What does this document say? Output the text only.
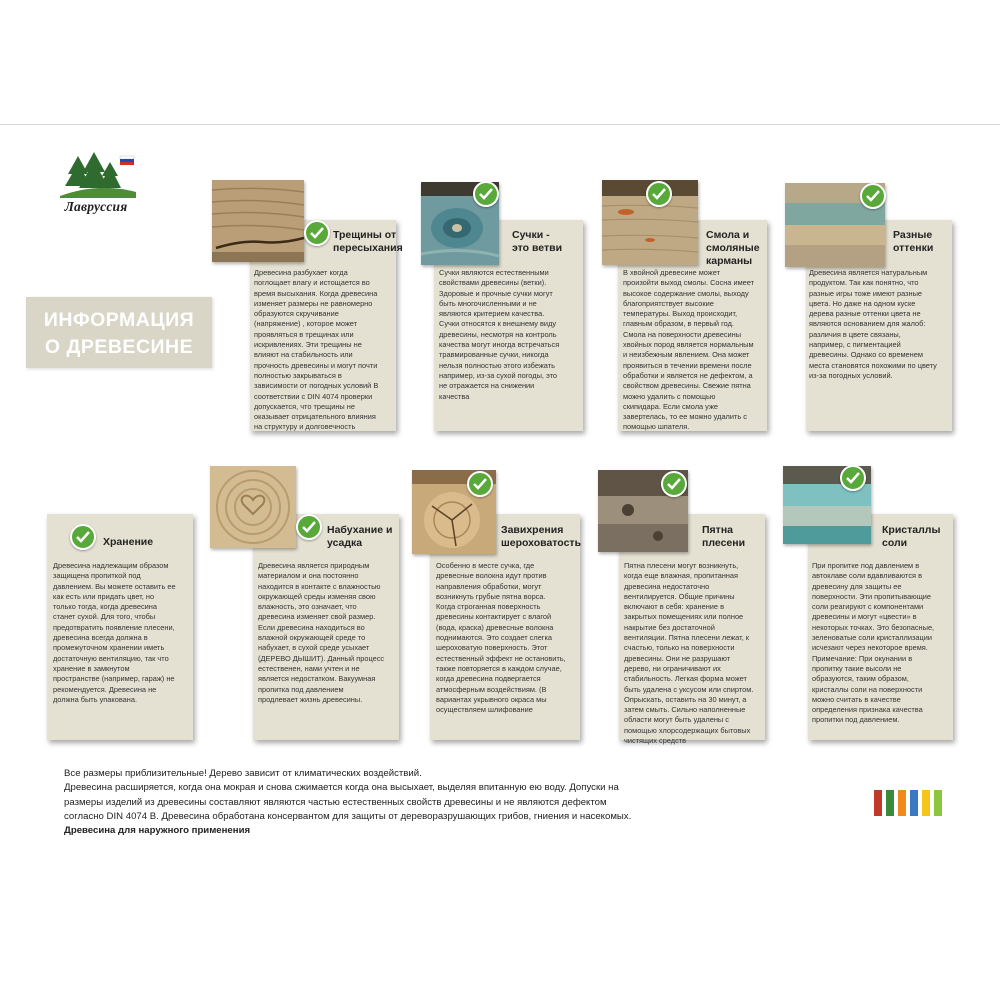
Лавруссия
ИНФОРМАЦИЯ
О ДРЕВЕСИНЕ
Трещины от
пересыхания
Древесина разбухает когда
поглощает влагу и истощается во
время высыхания. Когда древесина
изменяет размеры не равномерно
образуются скручивание
(напряжение) , которое может
проявляться в трещинах или
искривлениях. Эти трещины не
влияют на стабильность или
прочность древесины и могут почти
полностью закрываться в
зависимости от погодных условий В
соответствии с DIN 4074 проверки
допускается, что трещины не
оказывает отрицательного влияния
на структуру и долговечность
Сучки -
это ветви
Сучки являются естественными
свойствами древесины (ветки).
Здоровые и прочные сучки могут
быть многочисленными и не
являются критерием качества.
Сучки относятся к внешнему виду
древесины, несмотря на контроль
качества могут иногда встречаться
травмированные сучки, никогда
нельзя полностью этого избежать
например, из-за сухой погоды, это
не отражается на снижении
качества
Смола и
смоляные
карманы
В хвойной древесине может
произойти выход смолы. Сосна имеет
высокое содержание смолы, выходу
благоприятствует высокие
температуры. Выход происходит,
главным образом, в первый год.
Смола на поверхности древесины
хвойных пород является нормальным
и неизбежным явлением. Она может
проявиться в течении времени после
обработки и является не дефектом, а
свойством древесины. Свежие пятна
можно удалить с помощью
скипидара. Если смола уже
завертелась, то ее можно удалить с
помощью шпателя.
Разные
оттенки
Древесина является натуральным
продуктом. Так как понятно, что
разные игры тоже имеют разные
цвета. Но даже на одном куске
дерева разные оттенки цвета не
являются основанием для жалоб:
различия в цвете связаны,
например, с пигментацией
древесины. Однако со временем
места становятся похожими по цвету
из-за погодных условий.
Хранение
Древесина надлежащим образом
защищена пропиткой под
давлением. Вы можете оставить ее
как есть или придать цвет, но
только тогда, когда древесина
станет сухой. Для того, чтобы
предотвратить появление плесени,
древесина всегда должна в
промежуточном хранении иметь
достаточную вентиляцию, так что
хранение в замкнутом
пространстве (например, гараж) не
рекомендуется. Древесина не
должна быть упакована.
Набухание и
усадка
Древесина является природным
материалом и она постоянно
находится в контакте с влажностью
окружающей среды изменяя свою
влажность, это означает, что
древесина изменяет свой размер.
Если древесина находиться во
влажной окружающей среде то
набухает, в сухой среде усыхает
(ДЕРЕВО ДЫШИТ). Данный процесс
естественен, нами учтен и не
является недостатком. Вакуумная
пропитка под давлением
продлевает жизнь древесины.
Завихрения
шероховатость
Особенно в месте сучка, где
древесные волокна идут против
направления обработки, могут
возникнуть грубые пятна ворса.
Когда строганная поверхность
древесины контактирует с влагой
(вода, краска) древесные волокна
поднимаются. Это создает слегка
шероховатую поверхность. Этот
естественный эффект не остановить,
также повторяется в каждом случае,
когда древесина подвергается
атмосферным воздействиям. (В
вариантах укрывного окраса мы
осуществляем шлифование
Пятна
плесени
Пятна плесени могут возникнуть,
когда еще влажная, пропитанная
древесина недостаточно
вентилируется. Общие причины
включают в себя: хранение в
закрытых помещениях или полное
накрытие без достаточной
вентиляции. Пятна плесени лежат, к
счастью, только на поверхности
древесины. Они не разрушают
дерево, ни ограничивают их
стабильность. Легкая форма может
быть удалена с уксусом или спиртом.
Опрыскать, оставить на 30 минут, а
затем смыть. Сильно наполненные
области могут быть удалены с
помощью хлорсодержащих бытовых
чистящих средств
Кристаллы
соли
При пропитке под давлением в
автоклаве соли вдавливаются в
древесину для защиты ее
поверхности. Эти пропитывающие
соли реагируют с компонентами
древесины и могут «цвести» в
некоторых точках. Это безопасные,
зеленоватые соли кристаллизации
исчезают через некоторое время.
Примечание: При окунании в
пропитку такие высоли не
образуются, таким образом,
кристаллы соли на поверхности
можно считать в качестве
определения признака качества
пропитки под давлением.
Все размеры приблизительные! Дерево зависит от климатических воздействий.
Древесина расширяется, когда она мокрая и снова сжимается когда она высыхает, выделяя впитанную ею воду. Допуски на
размеры изделий из древесины составляют являются частью естественных свойств древесины и не являются дефектом
согласно DIN 4074 В. Древесина обработана консервантом для защиты от дереворазрушающих грибов, гниения и насекомых.
Древесина для наружного применения
